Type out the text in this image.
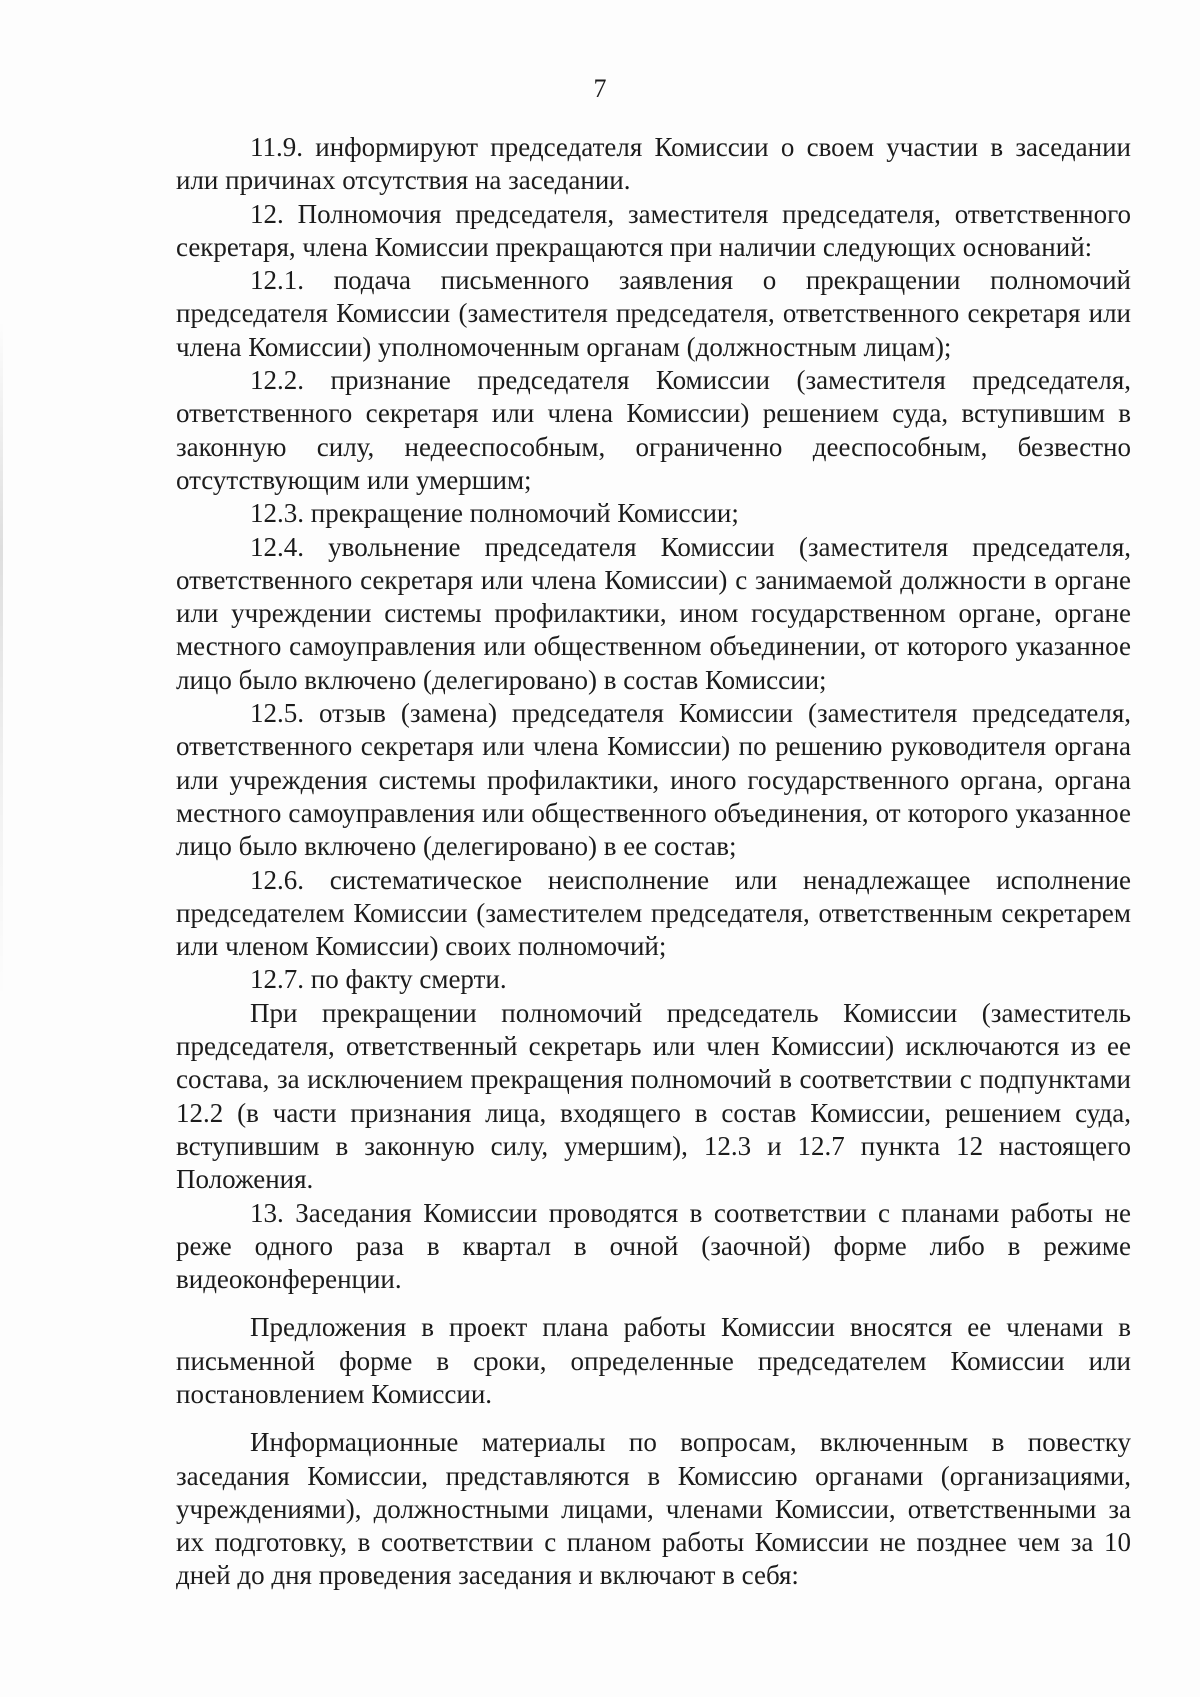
7

11.9. информируют председателя Комиссии о своем участии в заседании или причинах отсутствия на заседании.

12. Полномочия председателя, заместителя председателя, ответственного секретаря, члена Комиссии прекращаются при наличии следующих оснований:

12.1. подача письменного заявления о прекращении полномочий председателя Комиссии (заместителя председателя, ответственного секретаря или члена Комиссии) уполномоченным органам (должностным лицам);

12.2. признание председателя Комиссии (заместителя председателя, ответственного секретаря или члена Комиссии) решением суда, вступившим в законную силу, недееспособным, ограниченно дееспособным, безвестно отсутствующим или умершим;

12.3. прекращение полномочий Комиссии;

12.4. увольнение председателя Комиссии (заместителя председателя, ответственного секретаря или члена Комиссии) с занимаемой должности в органе или учреждении системы профилактики, ином государственном органе, органе местного самоуправления или общественном объединении, от которого указанное лицо было включено (делегировано) в состав Комиссии;

12.5. отзыв (замена) председателя Комиссии (заместителя председателя, ответственного секретаря или члена Комиссии) по решению руководителя органа или учреждения системы профилактики, иного государственного органа, органа местного самоуправления или общественного объединения, от которого указанное лицо было включено (делегировано) в ее состав;

12.6. систематическое неисполнение или ненадлежащее исполнение председателем Комиссии (заместителем председателя, ответственным секретарем или членом Комиссии) своих полномочий;

12.7. по факту смерти.

При прекращении полномочий председатель Комиссии (заместитель председателя, ответственный секретарь или член Комиссии) исключаются из ее состава, за исключением прекращения полномочий в соответствии с подпунктами 12.2 (в части признания лица, входящего в состав Комиссии, решением суда, вступившим в законную силу, умершим), 12.3 и 12.7 пункта 12 настоящего Положения.

13. Заседания Комиссии проводятся в соответствии с планами работы не реже одного раза в квартал в очной (заочной) форме либо в режиме видеоконференции.

Предложения в проект плана работы Комиссии вносятся ее членами в письменной форме в сроки, определенные председателем Комиссии или постановлением Комиссии.

Информационные материалы по вопросам, включенным в повестку заседания Комиссии, представляются в Комиссию органами (организациями, учреждениями), должностными лицами, членами Комиссии, ответственными за их подготовку, в соответствии с планом работы Комиссии не позднее чем за 10 дней до дня проведения заседания и включают в себя:
